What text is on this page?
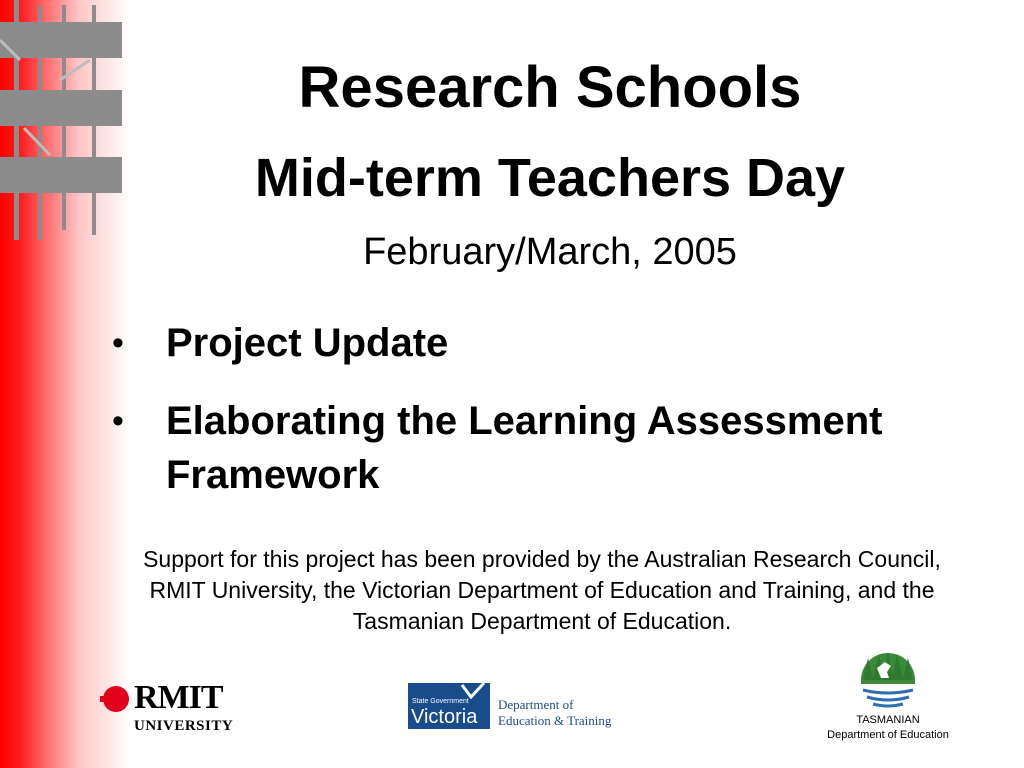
Research Schools
Mid-term Teachers Day
February/March, 2005
• Project Update
• Elaborating the Learning Assessment Framework
Support for this project has been provided by the Australian Research Council, RMIT University, the Victorian Department of Education and Training, and the Tasmanian Department of Education.
RMIT
UNIVERSITY
State Government
Victoria
Department of
Education & Training	TASMANIAN
Department of Education
